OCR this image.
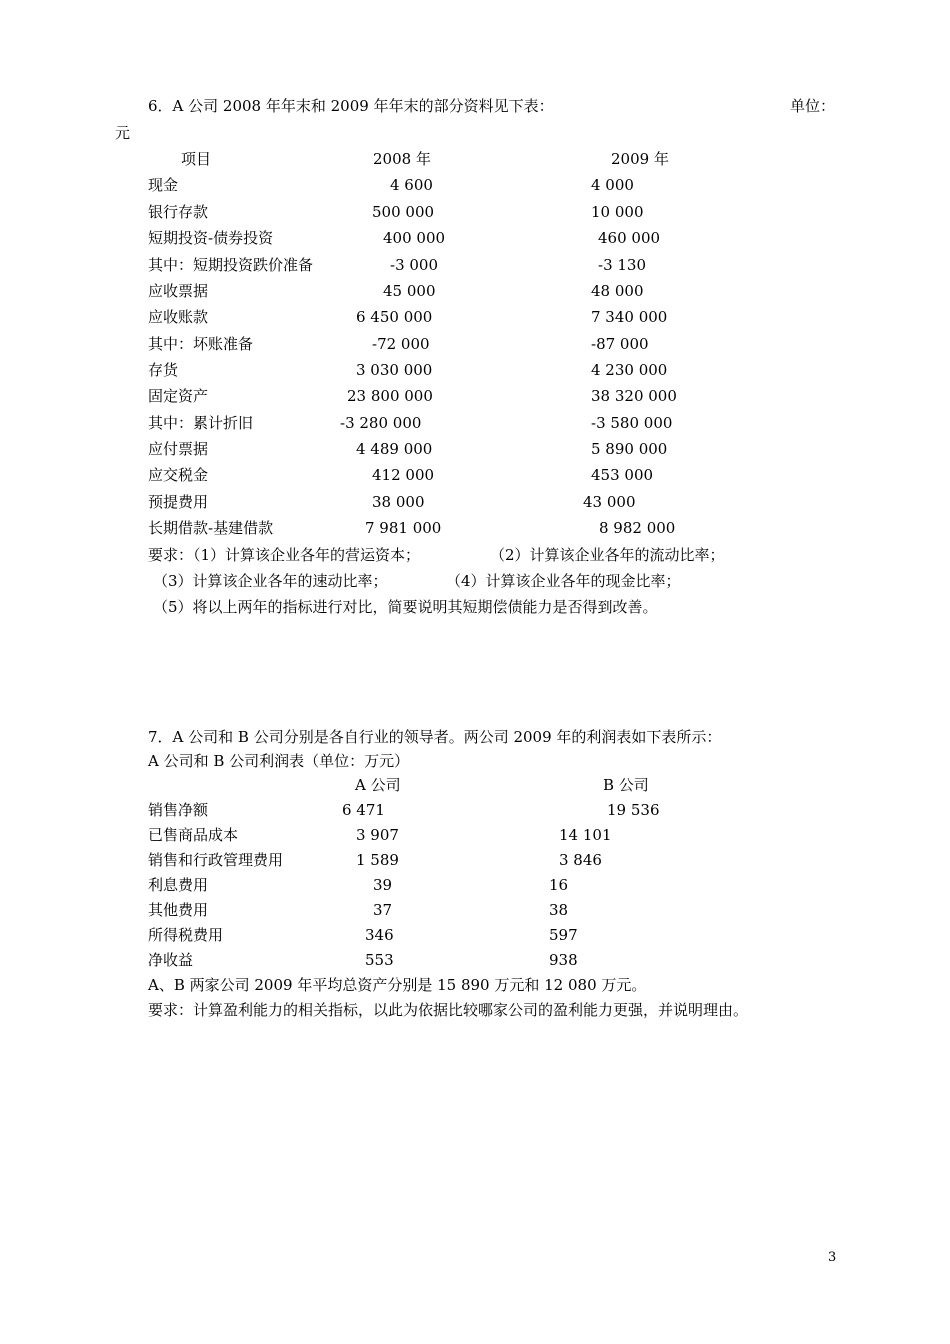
6．A 公司 2008 年年末和 2009 年年末的部分资料见下表：	单位：
元
项目	2008 年	2009 年
现金	4 600	4 000
银行存款	500 000	10 000
短期投资-债券投资	400 000	460 000
其中：短期投资跌价准备	-3 000	-3 130
应收票据	45 000	48 000
应收账款	6 450 000	7 340 000
其中：坏账准备	-72 000	-87 000
存货	3 030 000	4 230 000
固定资产	23 800 000	38 320 000
其中：累计折旧	-3 280 000	-3 580 000
应付票据	4 489 000	5 890 000
应交税金	412 000	453 000
预提费用	38 000	43 000
长期借款-基建借款	7 981 000	8 982 000
要求：（1）计算该企业各年的营运资本；	（2）计算该企业各年的流动比率；
（3）计算该企业各年的速动比率；	（4）计算该企业各年的现金比率；
（5）将以上两年的指标进行对比，简要说明其短期偿债能力是否得到改善。
7．A 公司和 B 公司分别是各自行业的领导者。两公司 2009 年的利润表如下表所示：
A 公司和 B 公司利润表（单位：万元）
A 公司	B 公司
销售净额	6 471	19 536
已售商品成本	3 907	14 101
销售和行政管理费用	1 589	3 846
利息费用	39	16
其他费用	37	38
所得税费用	346	597
净收益	553	938
A、B 两家公司 2009 年平均总资产分别是 15 890 万元和 12 080 万元。
要求：计算盈利能力的相关指标，以此为依据比较哪家公司的盈利能力更强，并说明理由。
3
